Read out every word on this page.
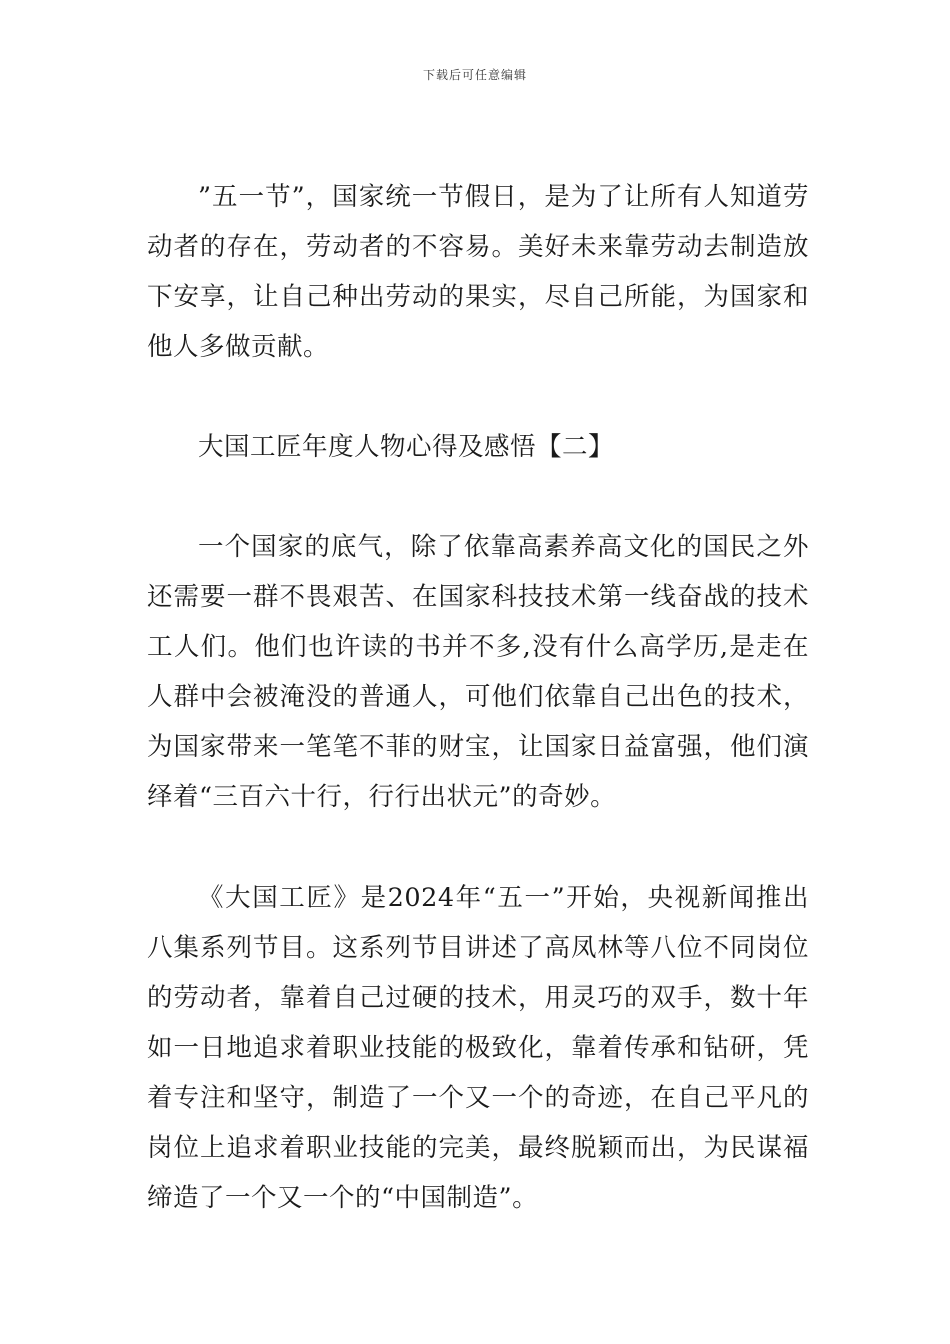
下载后可任意编辑

”五一节”，国家统一节假日，是为了让所有人知道劳动者的存在，劳动者的不容易。美好未来靠劳动去制造放下安享，让自己种出劳动的果实，尽自己所能，为国家和他人多做贡献。

大国工匠年度人物心得及感悟【二】

一个国家的底气，除了依靠高素养高文化的国民之外还需要一群不畏艰苦、在国家科技技术第一线奋战的技术工人们。他们也许读的书并不多,没有什么高学历,是走在人群中会被淹没的普通人，可他们依靠自己出色的技术，为国家带来一笔笔不菲的财宝，让国家日益富强，他们演绎着“三百六十行，行行出状元”的奇妙。

《大国工匠》是2024年“五一”开始，央视新闻推出八集系列节目。这系列节目讲述了高凤林等八位不同岗位的劳动者，靠着自己过硬的技术，用灵巧的双手，数十年如一日地追求着职业技能的极致化，靠着传承和钻研，凭着专注和坚守，制造了一个又一个的奇迹，在自己平凡的岗位上追求着职业技能的完美，最终脱颖而出，为民谋福缔造了一个又一个的“中国制造”。
